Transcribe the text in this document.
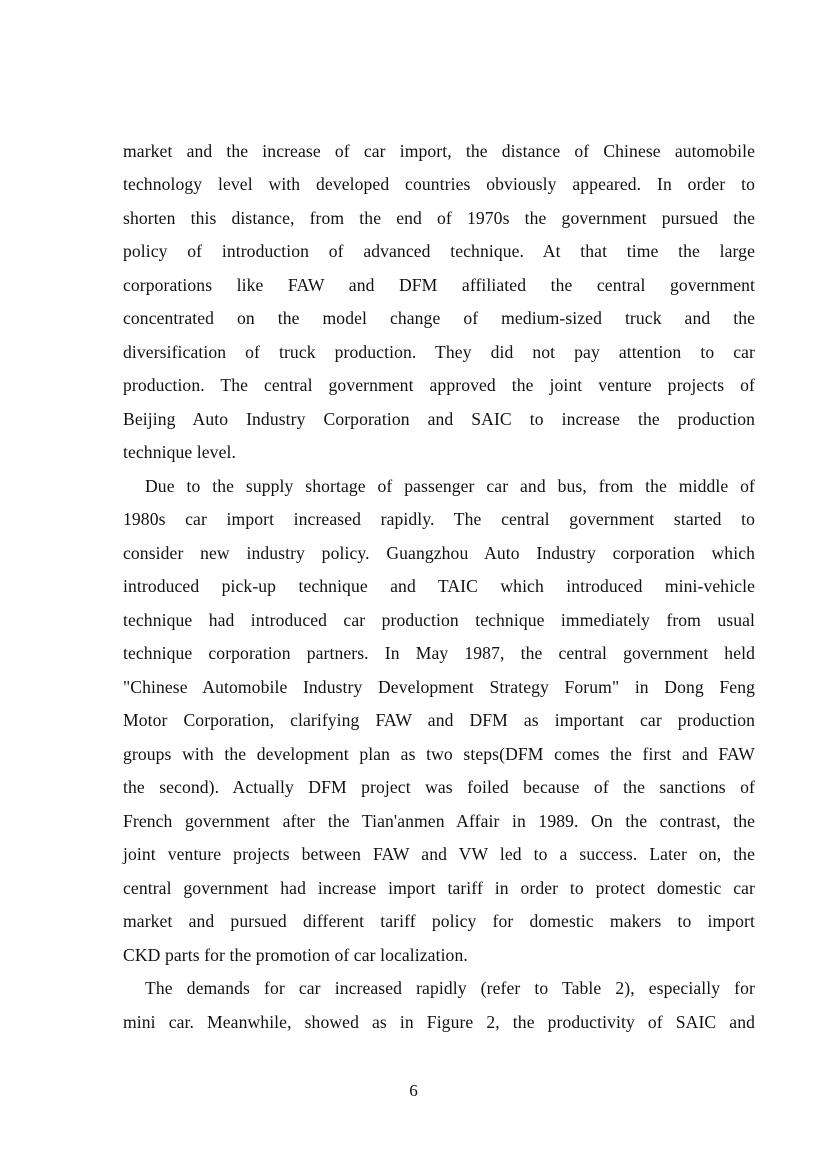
market and the increase of car import, the distance of Chinese automobile
technology level with developed countries obviously appeared. In order to
shorten this distance, from the end of 1970s the government pursued the
policy of introduction of advanced technique. At that time the large
corporations like FAW and DFM affiliated the central government
concentrated on the model change of medium-sized truck and the
diversification of truck production. They did not pay attention to car
production. The central government approved the joint venture projects of
Beijing Auto Industry Corporation and SAIC to increase the production
technique level.
Due to the supply shortage of passenger car and bus, from the middle of
1980s car import increased rapidly. The central government started to
consider new industry policy. Guangzhou Auto Industry corporation which
introduced pick-up technique and TAIC which introduced mini-vehicle
technique had introduced car production technique immediately from usual
technique corporation partners. In May 1987, the central government held
"Chinese Automobile Industry Development Strategy Forum" in Dong Feng
Motor Corporation, clarifying FAW and DFM as important car production
groups with the development plan as two steps(DFM comes the first and FAW
the second). Actually DFM project was foiled because of the sanctions of
French government after the Tian'anmen Affair in 1989. On the contrast, the
joint venture projects between FAW and VW led to a success. Later on, the
central government had increase import tariff in order to protect domestic car
market and pursued different tariff policy for domestic makers to import
CKD parts for the promotion of car localization.
The demands for car increased rapidly (refer to Table 2), especially for
mini car. Meanwhile, showed as in Figure 2, the productivity of SAIC and
6
